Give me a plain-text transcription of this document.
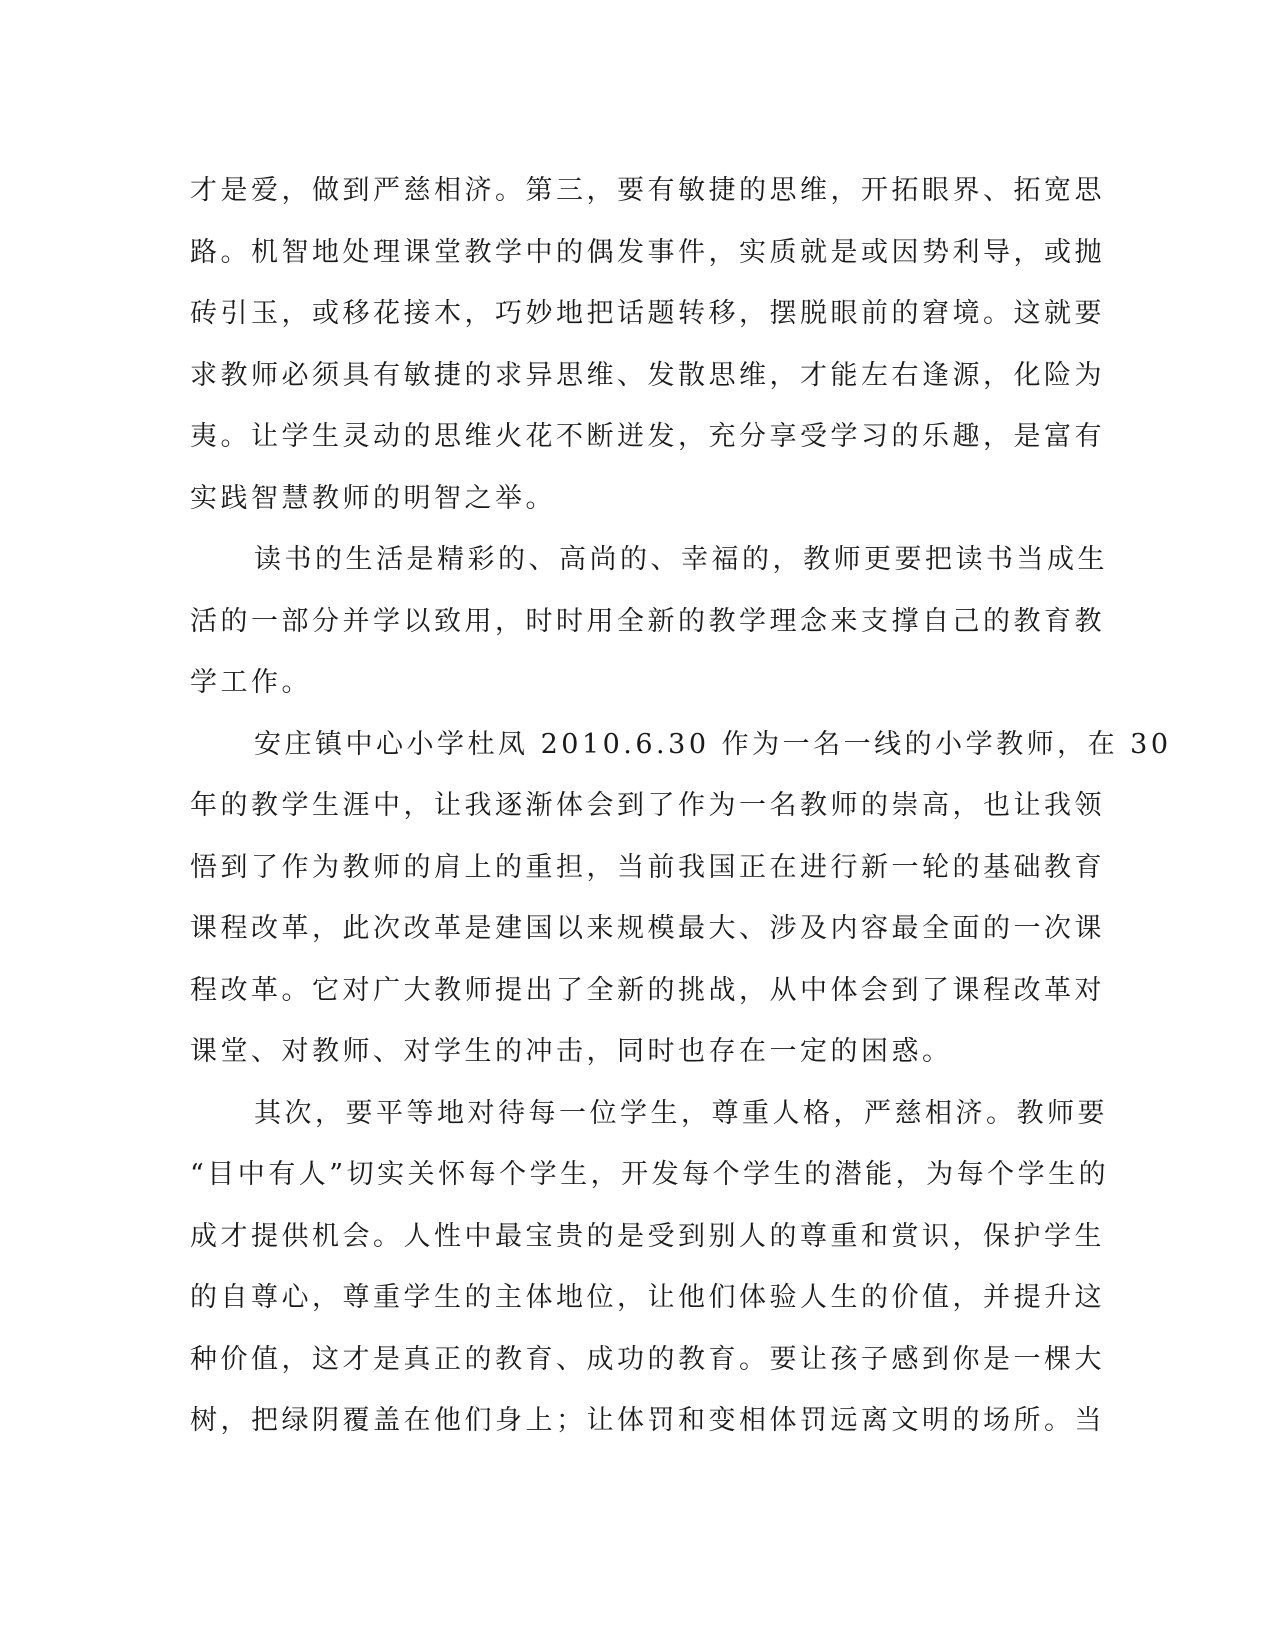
才是爱，做到严慈相济。第三，要有敏捷的思维，开拓眼界、拓宽思
路。机智地处理课堂教学中的偶发事件，实质就是或因势利导，或抛
砖引玉，或移花接木，巧妙地把话题转移，摆脱眼前的窘境。这就要
求教师必须具有敏捷的求异思维、发散思维，才能左右逢源，化险为
夷。让学生灵动的思维火花不断迸发，充分享受学习的乐趣，是富有
实践智慧教师的明智之举。
读书的生活是精彩的、高尚的、幸福的，教师更要把读书当成生
活的一部分并学以致用，时时用全新的教学理念来支撑自己的教育教
学工作。
安庄镇中心小学杜凤 2010.6.30 作为一名一线的小学教师，在 30
年的教学生涯中，让我逐渐体会到了作为一名教师的崇高，也让我领
悟到了作为教师的肩上的重担，当前我国正在进行新一轮的基础教育
课程改革，此次改革是建国以来规模最大、涉及内容最全面的一次课
程改革。它对广大教师提出了全新的挑战，从中体会到了课程改革对
课堂、对教师、对学生的冲击，同时也存在一定的困惑。
其次，要平等地对待每一位学生，尊重人格，严慈相济。教师要
“目中有人”切实关怀每个学生，开发每个学生的潜能，为每个学生的
成才提供机会。人性中最宝贵的是受到别人的尊重和赏识，保护学生
的自尊心，尊重学生的主体地位，让他们体验人生的价值，并提升这
种价值，这才是真正的教育、成功的教育。要让孩子感到你是一棵大
树，把绿阴覆盖在他们身上；让体罚和变相体罚远离文明的场所。当
